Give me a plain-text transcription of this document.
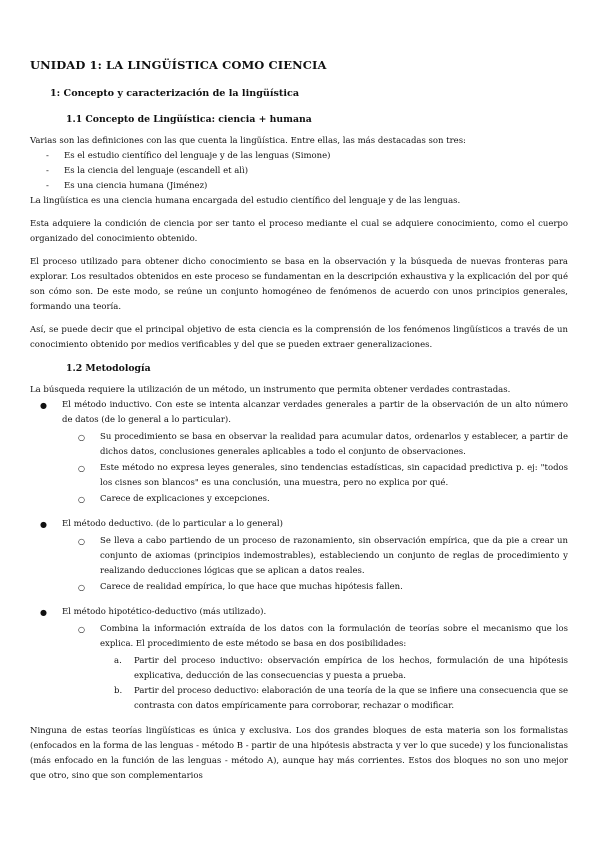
UNIDAD 1: LA LINGÜÍSTICA COMO CIENCIA
1: Concepto y caracterización de la lingüística
1.1 Concepto de Lingüística: ciencia + humana

Varias son las definiciones con las que cuenta la lingüística. Entre ellas, las más destacadas son tres:

- Es el estudio científico del lenguaje y de las lenguas (Simone)
- Es la ciencia del lenguaje (escandell et alì)
- Es una ciencia humana (Jiménez)

La lingüística es una ciencia humana encargada del estudio científico del lenguaje y de las lenguas.

Esta adquiere la condición de ciencia por ser tanto el proceso mediante el cual se adquiere conocimiento, como el cuerpo organizado del conocimiento obtenido.

El proceso utilizado para obtener dicho conocimiento se basa en la observación y la búsqueda de nuevas fronteras para explorar. Los resultados obtenidos en este proceso se fundamentan en la descripción exhaustiva y la explicación del por qué son cómo son. De este modo, se reúne un conjunto homogéneo de fenómenos de acuerdo con unos principios generales, formando una teoría.

Así, se puede decir que el principal objetivo de esta ciencia es la comprensión de los fenómenos lingüísticos a través de un conocimiento obtenido por medios verificables y del que se pueden extraer generalizaciones.

1.2 Metodología

La búsqueda requiere la utilización de un método, un instrumento que permita obtener verdades contrastadas.

● El método inductivo. Con este se intenta alcanzar verdades generales a partir de la observación de un alto número de datos (de lo general a lo particular).
○ Su procedimiento se basa en observar la realidad para acumular datos, ordenarlos y establecer, a partir de dichos datos, conclusiones generales aplicables a todo el conjunto de observaciones.
○ Este método no expresa leyes generales, sino tendencias estadísticas, sin capacidad predictiva p. ej: "todos los cisnes son blancos" es una conclusión, una muestra, pero no explica por qué.
○ Carece de explicaciones y excepciones.
● El método deductivo. (de lo particular a lo general)
○ Se lleva a cabo partiendo de un proceso de razonamiento, sin observación empírica, que da pie a crear un conjunto de axiomas (principios indemostrables), estableciendo un conjunto de reglas de procedimiento y realizando deducciones lógicas que se aplican a datos reales.
○ Carece de realidad empírica, lo que hace que muchas hipótesis fallen.
● El método hipotético-deductivo (más utilizado).
○ Combina la información extraída de los datos con la formulación de teorías sobre el mecanismo que los explica. El procedimiento de este método se basa en dos posibilidades:
a. Partir del proceso inductivo: observación empírica de los hechos, formulación de una hipótesis explicativa, deducción de las consecuencias y puesta a prueba.
b. Partir del proceso deductivo: elaboración de una teoría de la que se infiere una consecuencia que se contrasta con datos empíricamente para corroborar, rechazar o modificar.

Ninguna de estas teorías lingüísticas es única y exclusiva. Los dos grandes bloques de esta materia son los formalistas (enfocados en la forma de las lenguas - método B - partir de una hipótesis abstracta y ver lo que sucede) y los funcionalistas (más enfocado en la función de las lenguas - método A), aunque hay más corrientes. Estos dos bloques no son uno mejor que otro, sino que son complementarios
